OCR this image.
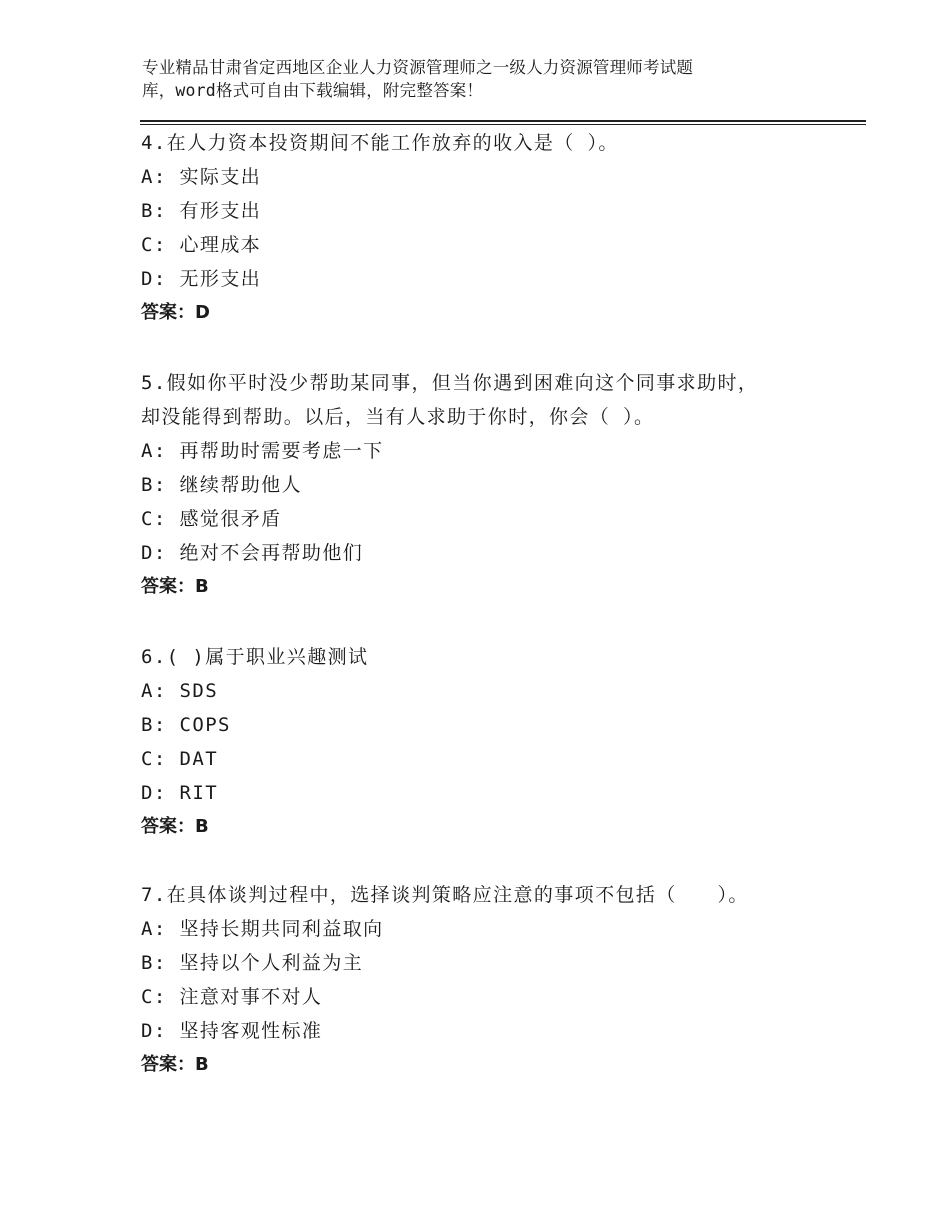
专业精品甘肃省定西地区企业人力资源管理师之一级人力资源管理师考试题
库，word格式可自由下载编辑，附完整答案！
4.在人力资本投资期间不能工作放弃的收入是（ ）。
A: 实际支出
B: 有形支出
C: 心理成本
D: 无形支出
答案：D
5.假如你平时没少帮助某同事，但当你遇到困难向这个同事求助时，
却没能得到帮助。以后，当有人求助于你时，你会（ ）。
A: 再帮助时需要考虑一下
B: 继续帮助他人
C: 感觉很矛盾
D: 绝对不会再帮助他们
答案：B
6.( )属于职业兴趣测试
A: SDS
B: COPS
C: DAT
D: RIT
答案：B
7.在具体谈判过程中，选择谈判策略应注意的事项不包括（　　）。
A: 坚持长期共同利益取向
B: 坚持以个人利益为主
C: 注意对事不对人
D: 坚持客观性标准
答案：B
